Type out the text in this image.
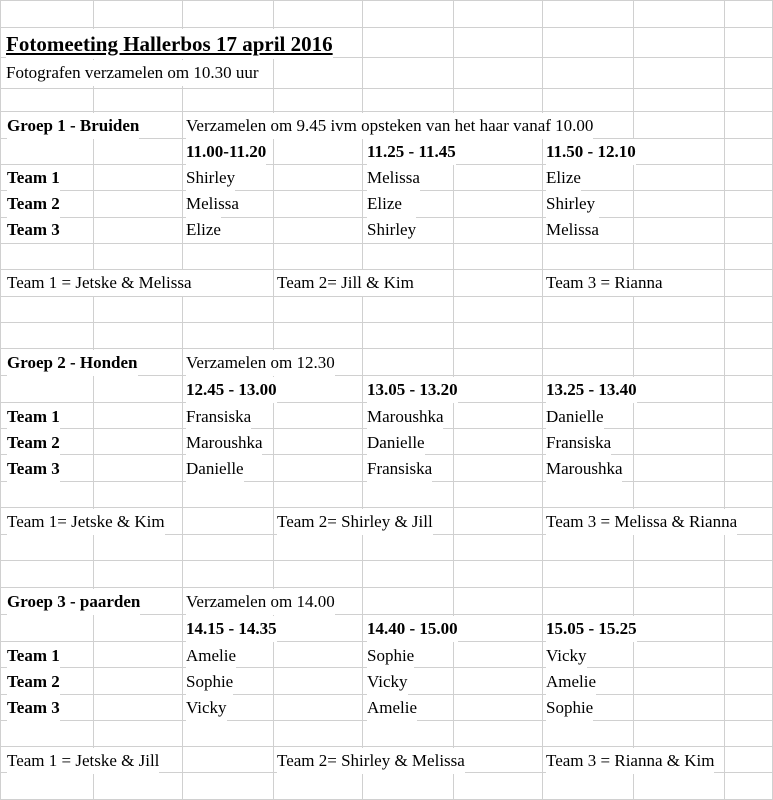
Fotomeeting Hallerbos 17 april 2016
Fotografen verzamelen om 10.30 uur
Groep 1 - Bruiden	Verzamelen om 9.45 ivm opsteken van het haar vanaf 10.00
11.00-11.20	11.25 - 11.45	11.50 - 12.10
Team 1	Shirley	Melissa	Elize
Team 2	Melissa	Elize	Shirley
Team 3	Elize	Shirley	Melissa
Team 1 = Jetske & Melissa	Team 2= Jill & Kim	Team 3 = Rianna
Groep 2 - Honden	Verzamelen om 12.30
12.45 - 13.00	13.05 - 13.20	13.25 - 13.40
Team 1	Fransiska	Maroushka	Danielle
Team 2	Maroushka	Danielle	Fransiska
Team 3	Danielle	Fransiska	Maroushka
Team 1= Jetske & Kim	Team 2= Shirley & Jill	Team 3 = Melissa & Rianna
Groep 3 - paarden	Verzamelen om 14.00
14.15 - 14.35	14.40 - 15.00	15.05 - 15.25
Team 1	Amelie	Sophie	Vicky
Team 2	Sophie	Vicky	Amelie
Team 3	Vicky	Amelie	Sophie
Team 1 = Jetske & Jill	Team 2= Shirley & Melissa	Team 3 = Rianna & Kim
